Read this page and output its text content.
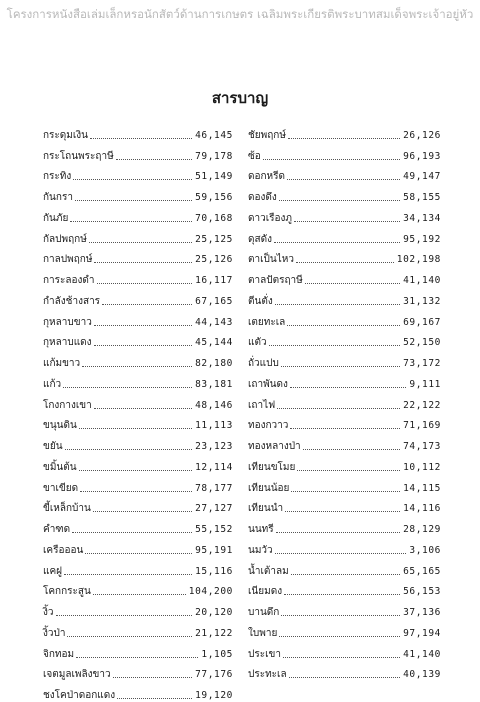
โครงการหนังสือเล่มเล็กหรอนักสัตว์ด้านการเกษตร เฉลิมพระเกียรติพระบาทสมเด็จพระเจ้าอยู่หัว
สารบาญ
กระดุมเงิน	46,145
กระโถนพระฤาษี	79,178
กระทิง	51,149
กันกรา	59,156
กันภัย	70,168
กัลปพฤกษ์	25,125
กาลปพฤกษ์	25,126
การะลองดำ	16,117
กำลังช้างสาร	67,165
กุหลาบขาว	44,143
กุหลาบแดง	45,144
แก้มขาว	82,180
แก้ว	83,181
โกงกางเขา	48,146
ขนุนดิน	11,113
ขยัน	23,123
ขมิ้นต้น	12,114
ขาเขียด	78,177
ขี้เหล็กบ้าน	27,127
คำฑด	55,152
เครือออน	95,191
แคฝู	15,116
โคกกระสูน	104,200
งิ้ว	20,120
งิ้วป่า	21,122
จิกทอม	1,105
เจตมูลเพลิงขาว	77,176
ชงโคป่าดอกแดง	19,120
ชัยพฤกษ์	26,126
ซ้อ	96,193
ดอกหรีด	49,147
ดองดึง	58,155
ดาวเรืองภู	34,134
ดุสดัง	95,192
ตาเป็นไหว	102,198
ตาลปัตรฤาษี	41,140
ตีนตั่ง	31,132
เตยทะเล	69,167
แตัว	52,150
ถั่วแปบ	73,172
เถาพันดง	9,111
เถาไฟ	22,122
ทองกวาว	71,169
ทองหลางป่า	74,173
เทียนขโมย	10,112
เทียนน้อย	14,115
เทียนนำ	14,116
นนทรี	28,129
นมวัว	3,106
น้ำเต้าลม	65,165
เนียมดง	56,153
บานดึก	37,136
ใบพาย	97,194
ประเขา	41,140
ประทะเล	40,139
